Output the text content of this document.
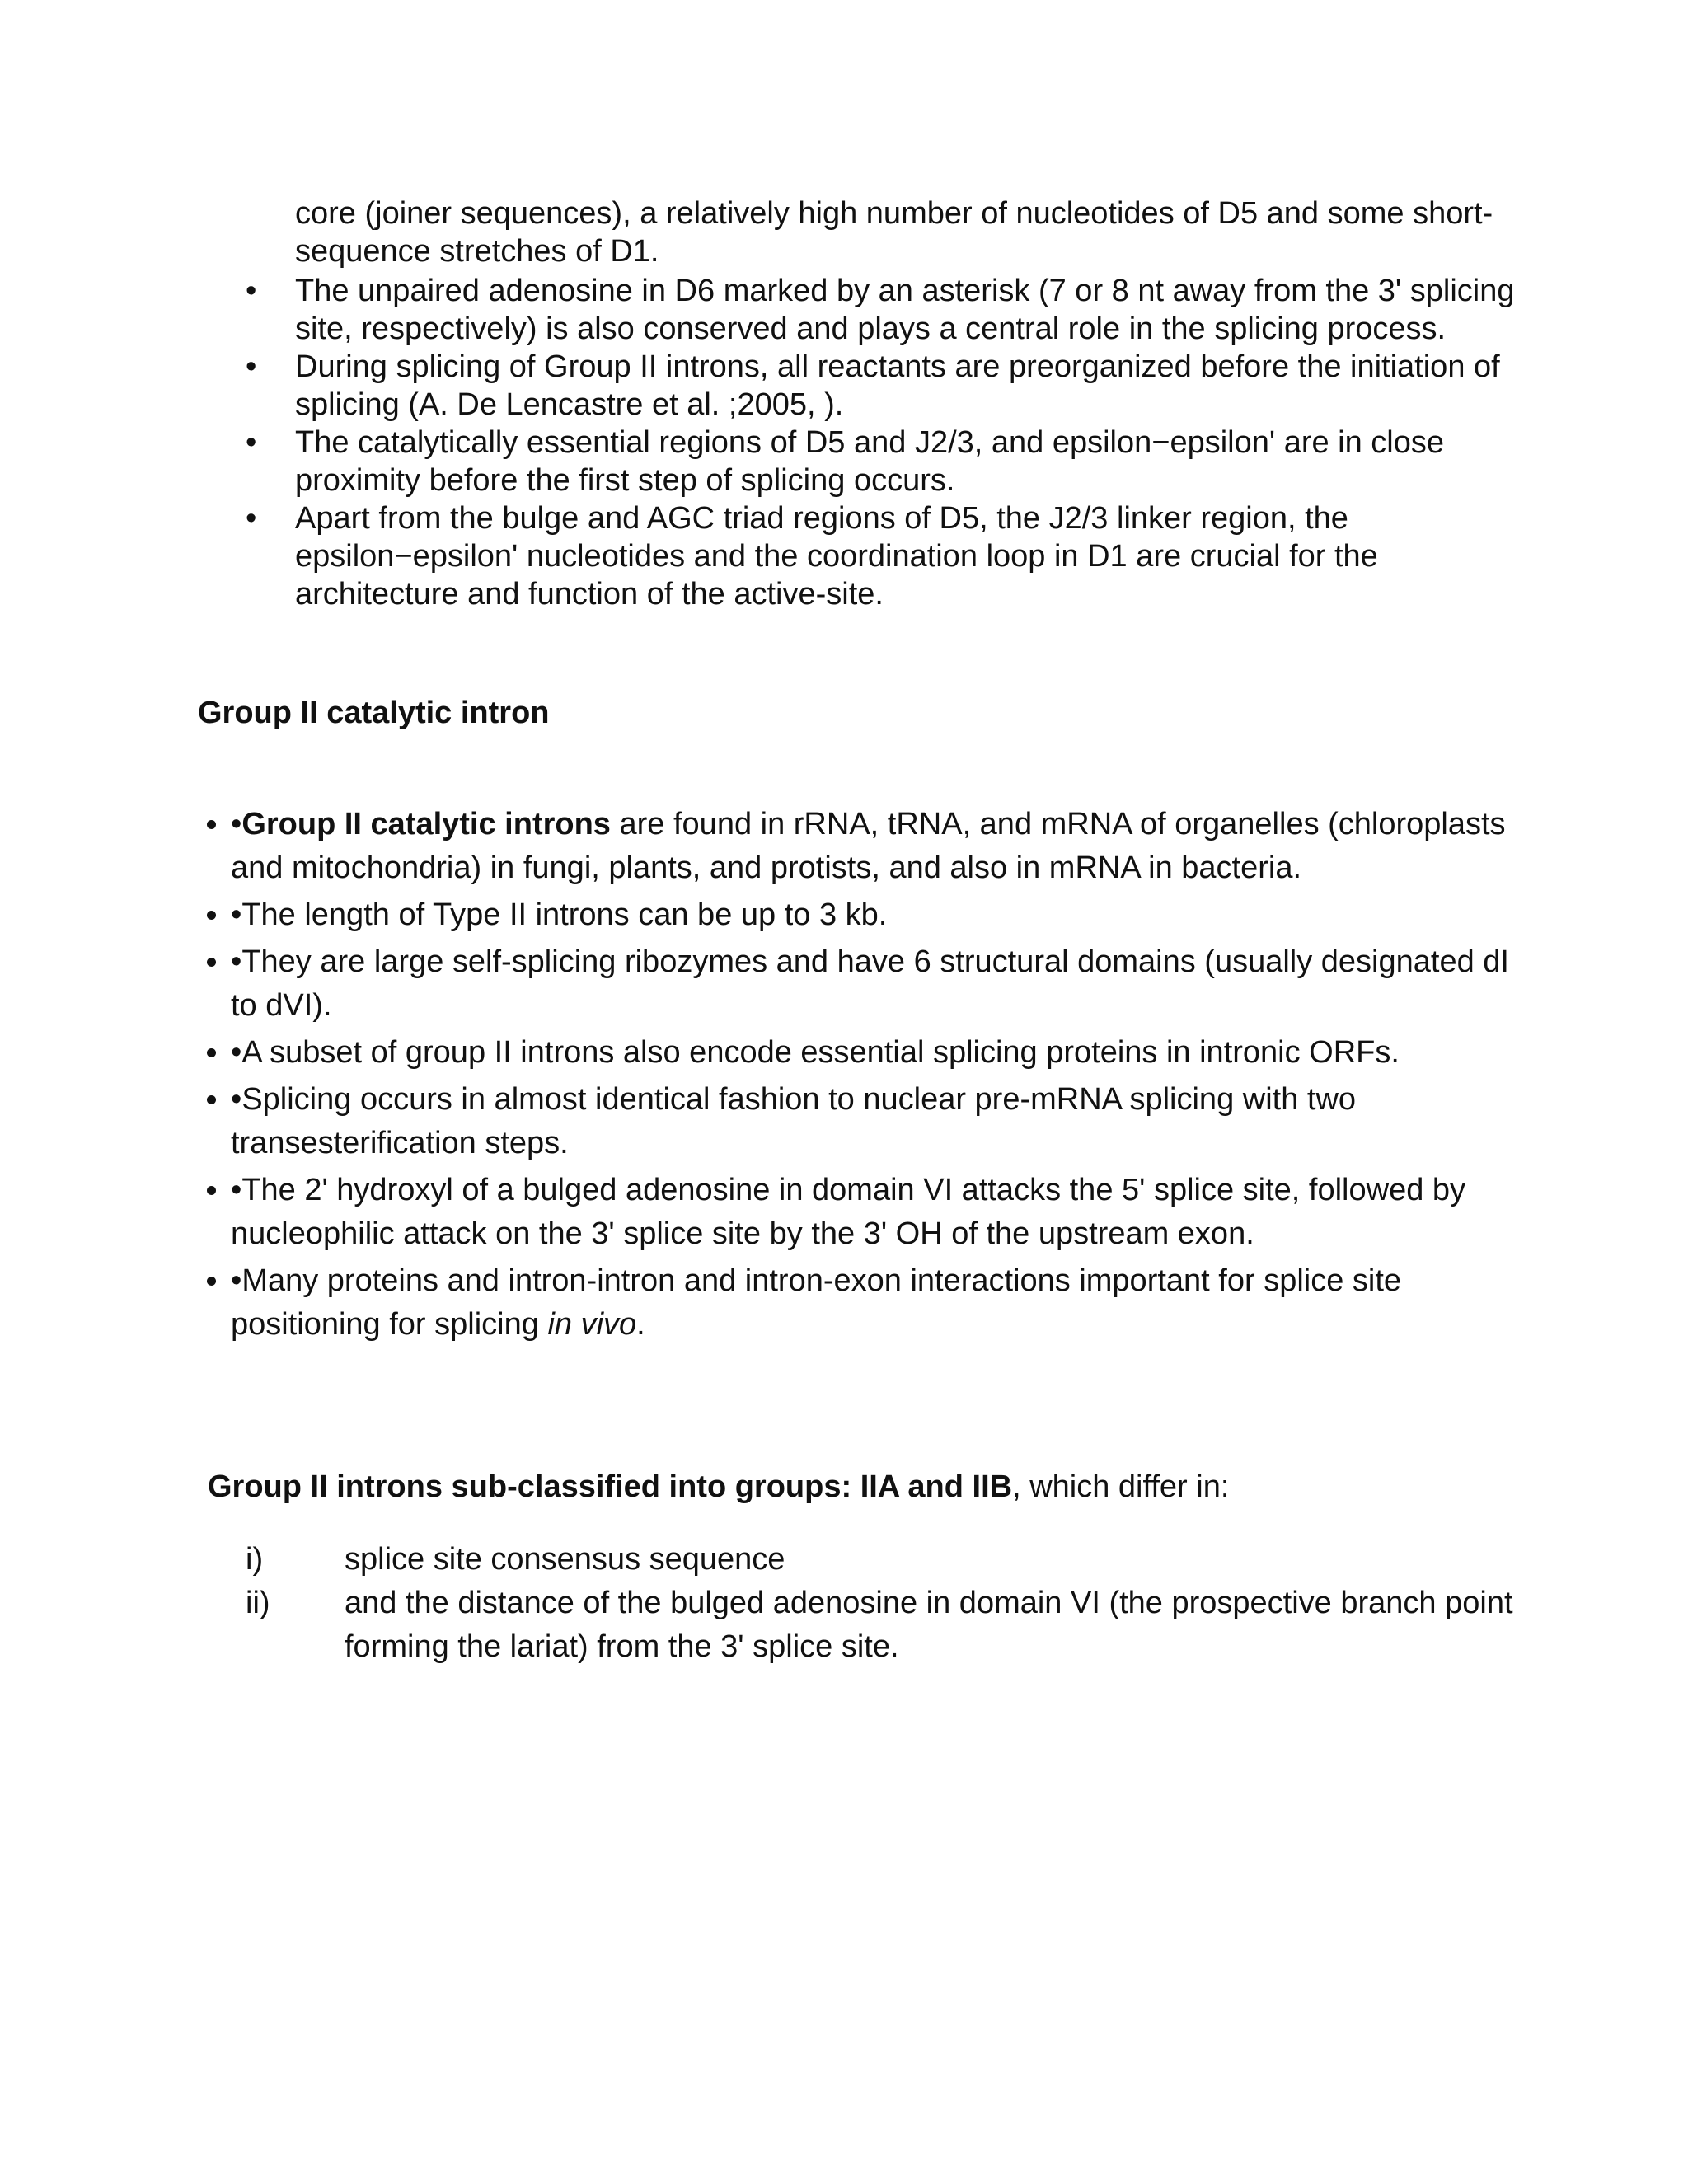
core (joiner sequences), a relatively high number of nucleotides of D5 and some short-sequence stretches of D1.
• The unpaired adenosine in D6 marked by an asterisk (7 or 8 nt away from the 3' splicing site, respectively) is also conserved and plays a central role in the splicing process.
• During splicing of Group II introns, all reactants are preorganized before the initiation of splicing (A. De Lencastre et al. ;2005, ).
• The catalytically essential regions of D5 and J2/3, and epsilon−epsilon' are in close proximity before the first step of splicing occurs.
• Apart from the bulge and AGC triad regions of D5, the J2/3 linker region, the epsilon−epsilon' nucleotides and the coordination loop in D1 are crucial for the architecture and function of the active-site.
Group II catalytic intron
• •Group II catalytic introns are found in rRNA, tRNA, and mRNA of organelles (chloroplasts and mitochondria) in fungi, plants, and protists, and also in mRNA in bacteria.
• •The length of Type II introns can be up to 3 kb.
• •They are large self-splicing ribozymes and have 6 structural domains (usually designated dI to dVI).
• •A subset of group II introns also encode essential splicing proteins in intronic ORFs.
• •Splicing occurs in almost identical fashion to nuclear pre-mRNA splicing with two transesterification steps.
• •The 2' hydroxyl of a bulged adenosine in domain VI attacks the 5' splice site, followed by nucleophilic attack on the 3' splice site by the 3' OH of the upstream exon.
• •Many proteins and intron-intron and intron-exon interactions important for splice site positioning for splicing in vivo.
Group II introns sub-classified into groups: IIA and IIB, which differ in:
i)	splice site consensus sequence
ii) and the distance of the bulged adenosine in domain VI (the prospective branch point forming the lariat) from the 3' splice site.
